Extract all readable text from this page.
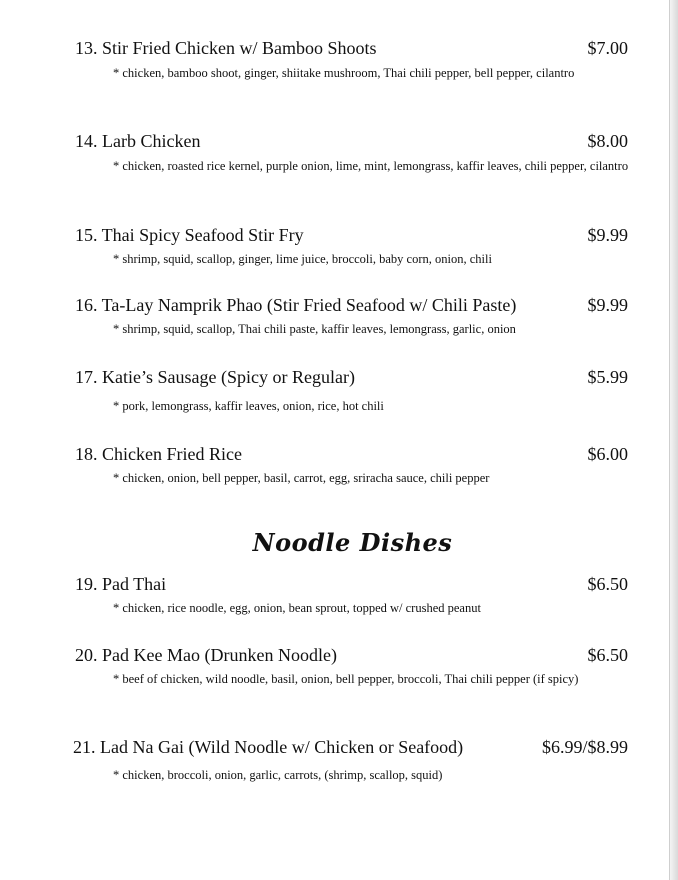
13. Stir Fried Chicken w/ Bamboo Shoots	$7.00
* chicken, bamboo shoot, ginger, shiitake mushroom, Thai chili pepper, bell pepper, cilantro
14. Larb Chicken	$8.00
* chicken, roasted rice kernel, purple onion, lime, mint, lemongrass, kaffir leaves, chili pepper, cilantro
15. Thai Spicy Seafood Stir Fry	$9.99
* shrimp, squid, scallop, ginger, lime juice, broccoli, baby corn, onion, chili
16. Ta-Lay Namprik Phao (Stir Fried Seafood w/ Chili Paste)	$9.99
* shrimp, squid, scallop, Thai chili paste, kaffir leaves, lemongrass, garlic, onion
17. Katie’s Sausage (Spicy or Regular)	$5.99
* pork, lemongrass, kaffir leaves, onion, rice, hot chili
18. Chicken Fried Rice	$6.00
* chicken, onion, bell pepper, basil, carrot, egg, sriracha sauce, chili pepper
Noodle Dishes
19. Pad Thai	$6.50
* chicken, rice noodle, egg, onion, bean sprout, topped w/ crushed peanut
20. Pad Kee Mao (Drunken Noodle)	$6.50
* beef of chicken, wild noodle, basil, onion, bell pepper, broccoli, Thai chili pepper (if spicy)
21. Lad Na Gai (Wild Noodle w/ Chicken or Seafood)	$6.99/$8.99
* chicken, broccoli, onion, garlic, carrots, (shrimp, scallop, squid)
